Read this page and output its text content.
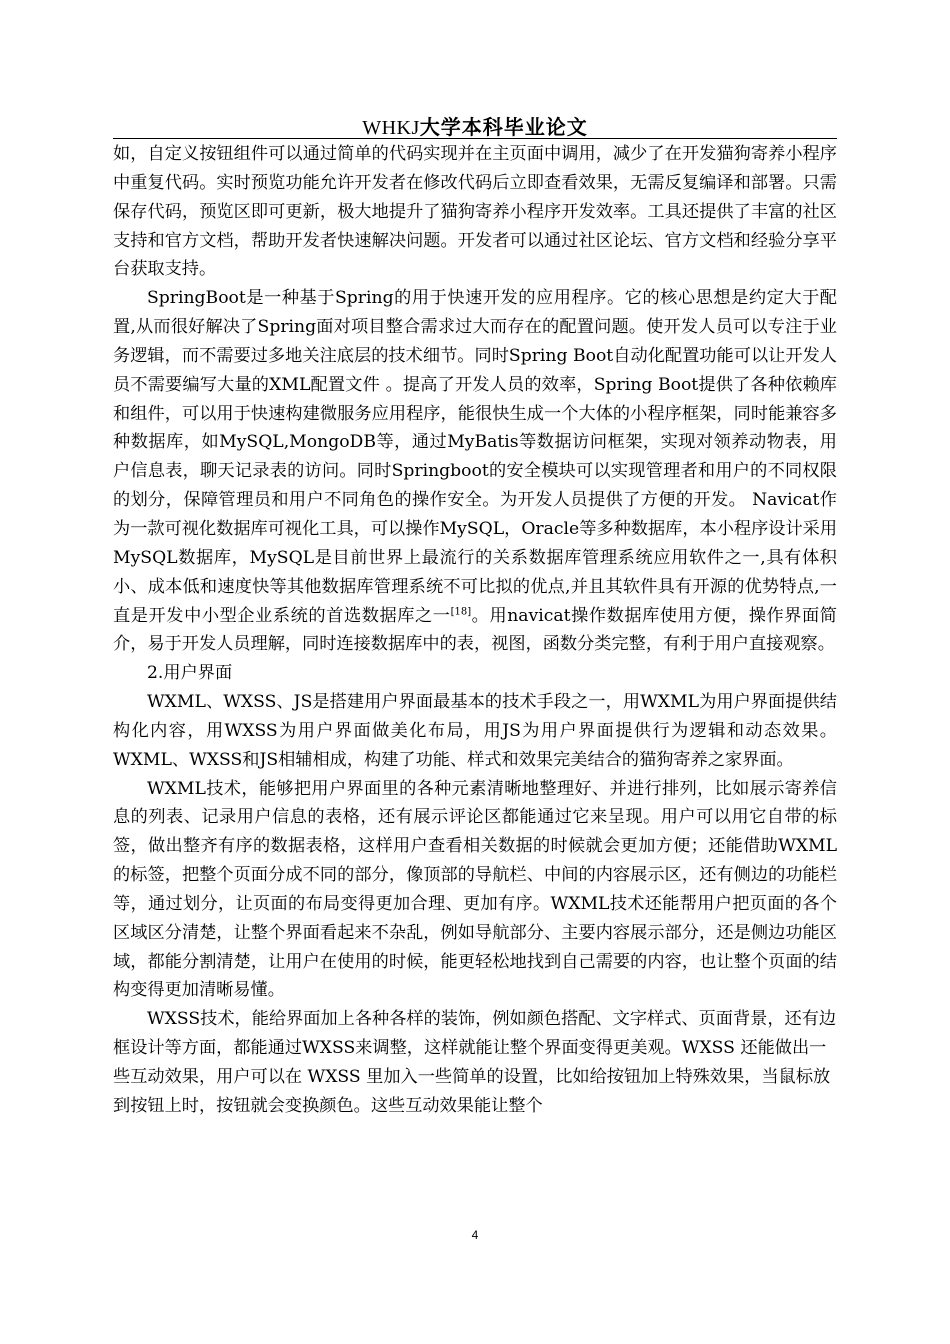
WHKJ大学本科毕业论文

如，自定义按钮组件可以通过简单的代码实现并在主页面中调用，减少了在开发猫狗寄养小程序中重复代码。实时预览功能允许开发者在修改代码后立即查看效果，无需反复编译和部署。只需保存代码，预览区即可更新，极大地提升了猫狗寄养小程序开发效率。工具还提供了丰富的社区支持和官方文档，帮助开发者快速解决问题。开发者可以通过社区论坛、官方文档和经验分享平台获取支持。

SpringBoot是一种基于Spring的用于快速开发的应用程序。它的核心思想是约定大于配置,从而很好解决了Spring面对项目整合需求过大而存在的配置问题。使开发人员可以专注于业务逻辑，而不需要过多地关注底层的技术细节。同时Spring Boot自动化配置功能可以让开发人员不需要编写大量的XML配置文件 。提高了开发人员的效率，Spring Boot提供了各种依赖库和组件，可以用于快速构建微服务应用程序，能很快生成一个大体的小程序框架，同时能兼容多种数据库，如MySQL,MongoDB等，通过MyBatis等数据访问框架，实现对领养动物表，用户信息表，聊天记录表的访问。同时Springboot的安全模块可以实现管理者和用户的不同权限的划分，保障管理员和用户不同角色的操作安全。为开发人员提供了方便的开发。 Navicat作为一款可视化数据库可视化工具，可以操作MySQL，Oracle等多种数据库，本小程序设计采用MySQL数据库，MySQL是目前世界上最流行的关系数据库管理系统应用软件之一,具有体积小、成本低和速度快等其他数据库管理系统不可比拟的优点,并且其软件具有开源的优势特点,一直是开发中小型企业系统的首选数据库之一[18]。用navicat操作数据库使用方便，操作界面简介，易于开发人员理解，同时连接数据库中的表，视图，函数分类完整，有利于用户直接观察。

2.用户界面

WXML、WXSS、JS是搭建用户界面最基本的技术手段之一，用WXML为用户界面提供结构化内容，用WXSS为用户界面做美化布局，用JS为用户界面提供行为逻辑和动态效果。WXML、WXSS和JS相辅相成，构建了功能、样式和效果完美结合的猫狗寄养之家界面。

WXML技术，能够把用户界面里的各种元素清晰地整理好、并进行排列，比如展示寄养信息的列表、记录用户信息的表格，还有展示评论区都能通过它来呈现。用户可以用它自带的标签，做出整齐有序的数据表格，这样用户查看相关数据的时候就会更加方便；还能借助WXML的标签，把整个页面分成不同的部分，像顶部的导航栏、中间的内容展示区，还有侧边的功能栏等，通过划分，让页面的布局变得更加合理、更加有序。WXML技术还能帮用户把页面的各个区域区分清楚，让整个界面看起来不杂乱，例如导航部分、主要内容展示部分，还是侧边功能区域，都能分割清楚，让用户在使用的时候，能更轻松地找到自己需要的内容，也让整个页面的结构变得更加清晰易懂。

WXSS技术，能给界面加上各种各样的装饰，例如颜色搭配、文字样式、页面背景，还有边框设计等方面，都能通过WXSS来调整，这样就能让整个界面变得更美观。WXSS 还能做出一些互动效果，用户可以在 WXSS 里加入一些简单的设置，比如给按钮加上特殊效果，当鼠标放到按钮上时，按钮就会变换颜色。这些互动效果能让整个

4
